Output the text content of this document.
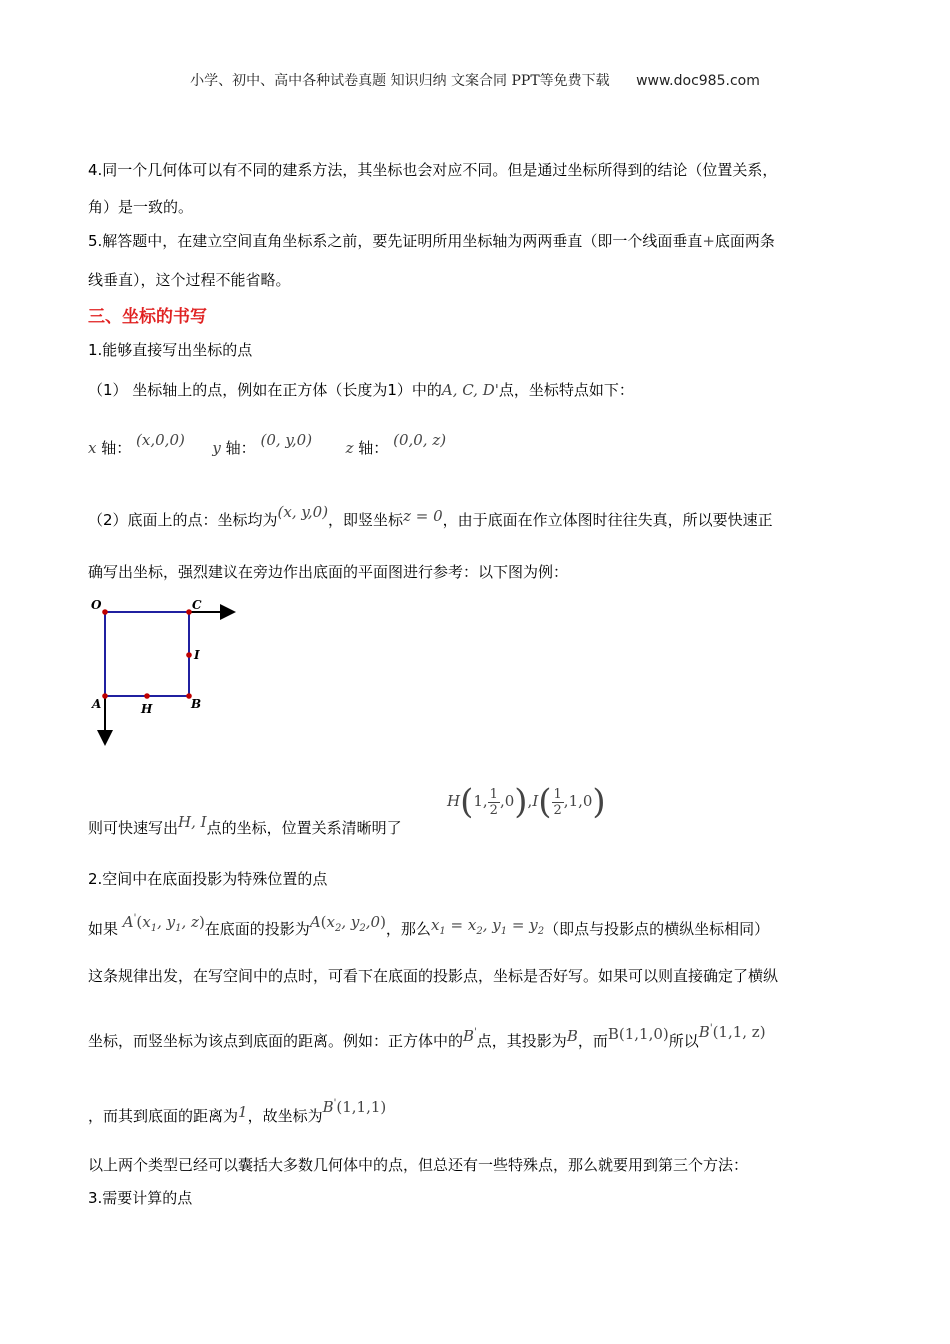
小学、初中、高中各种试卷真题 知识归纳 文案合同 PPT等免费下载 www.doc985.com
4.同一个几何体可以有不同的建系方法，其坐标也会对应不同。但是通过坐标所得到的结论（位置关系，
角）是一致的。
5.解答题中，在建立空间直角坐标系之前，要先证明所用坐标轴为两两垂直（即一个线面垂直+底面两条
线垂直），这个过程不能省略。
三、坐标的书写
1.能够直接写出坐标的点
（1） 坐标轴上的点，例如在正方体（长度为1）中的A, C, D'点，坐标特点如下：
x 轴： (x,0,0) y 轴： (0, y,0) z 轴： (0,0, z)
（2）底面上的点：坐标均为(x, y,0)，即竖坐标z = 0，由于底面在作立体图时往往失真，所以要快速正
确写出坐标，强烈建议在旁边作出底面的平面图进行参考：以下图为例：
O	C
I
A	H	B
则可快速写出H, I点的坐标，位置关系清晰明了
H(1, $\frac{1}{2} ,0),I( \frac{1}{2} ,1,0)$
2.空间中在底面投影为特殊位置的点
如果 $A'(x_1$, $y_1$, z)在底面的投影为$A(x_2$, $y_2,0$)，那么$x_1 = x_2$, $y_1 = y_2$（即点与投影点的横纵坐标相同）
这条规律出发，在写空间中的点时，可看下在底面的投影点，坐标是否好写。如果可以则直接确定了横纵
坐标，而竖坐标为该点到底面的距离。例如：正方体中的B'点，其投影为B，而B(1,1,0)所以B'(1,1, z)
，而其到底面的距离为1，故坐标为B'(1,1,1)
以上两个类型已经可以囊括大多数几何体中的点，但总还有一些特殊点，那么就要用到第三个方法：
3.需要计算的点
